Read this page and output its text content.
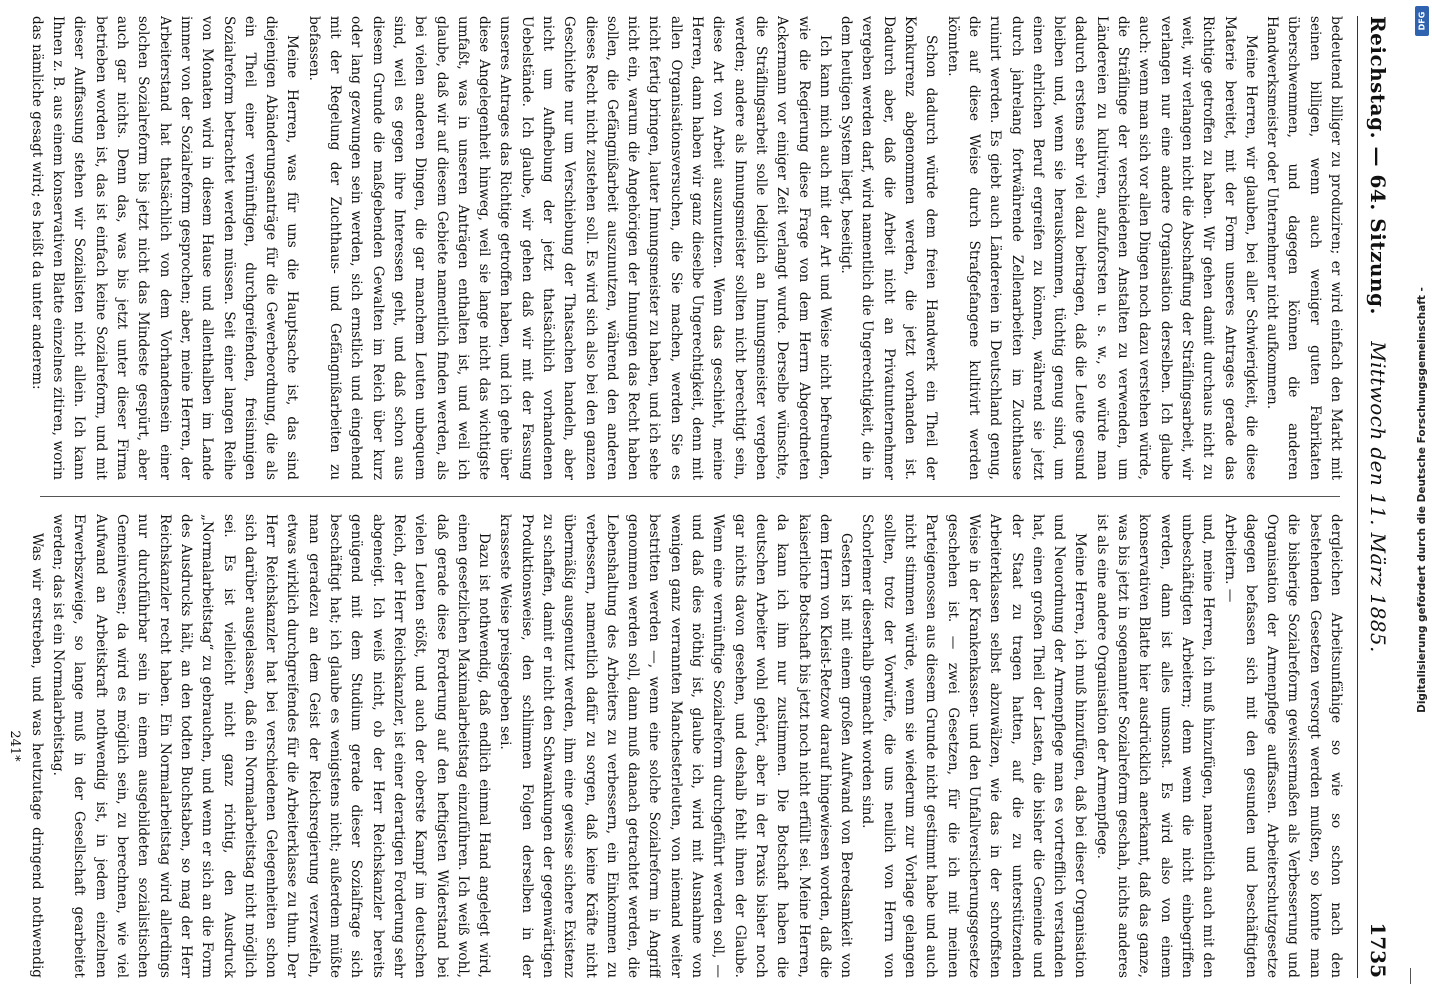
Reichstag. — 64. Sitzung.
Mittwoch den 11. März 1885.
1735

bedeutend billiger zu produziren; er wird einfach den Markt mit seinen billigen, wenn auch weniger guten Fabrikaten überschwemmen, und dagegen können die anderen Handwerksmeister oder Unternehmer nicht aufkommen.

Meine Herren, wir glauben, bei aller Schwierigkeit, die diese Materie bereitet, mit der Form unseres Antrages gerade das Richtige getroffen zu haben. Wir gehen damit durchaus nicht zu weit, wir verlangen nicht die Abschaffung der Sträflingsarbeit, wir verlangen nur eine andere Organisation derselben. Ich glaube auch: wenn man sich vor allen Dingen noch dazu verstehen würde, die Sträflinge der verschiedenen Anstalten zu verwenden, um Ländereien zu kultiviren, aufzuforsten u. s. w., so würde man dadurch erstens sehr viel dazu beitragen, daß die Leute gesund bleiben und, wenn sie herauskommen, tüchtig genug sind, um einen ehrlichen Beruf ergreifen zu können, während sie jetzt durch jahrelang fortwährende Zellenarbeiten im Zuchthause ruinirt werden. Es giebt auch Ländereien in Deutschland genug, die auf diese Weise durch Strafgefangene kultivirt werden könnten.

Schon dadurch würde dem freien Handwerk ein Theil der Konkurrenz abgenommen werden, die jetzt vorhanden ist. Dadurch aber, daß die Arbeit nicht an Privatunternehmer vergeben werden darf, wird namentlich die Ungerechtigkeit, die in dem heutigen System liegt, beseitigt.

Ich kann mich auch mit der Art und Weise nicht befreunden, wie die Regierung diese Frage von dem Herrn Abgeordneten Ackermann vor einiger Zeit verlangt wurde. Derselbe wünschte, die Sträflingsarbeit solle lediglich an Innungsmeister vergeben werden; andere als Innungsmeister sollten nicht berechtigt sein, diese Art von Arbeit auszunutzen. Wenn das geschieht, meine Herren, dann haben wir ganz dieselbe Ungerechtigkeit, denn mit allen Organisationsversuchen, die Sie machen, werden Sie es nicht fertig bringen, lauter Innungsmeister zu haben, und ich sehe nicht ein, warum die Angehörigen der Innungen das Recht haben sollen, die Gefängnißarbeit auszunutzen, während den anderen dieses Recht nicht zustehen soll. Es wird sich also bei den ganzen Geschichte nur um Verschiebung der Thatsachen handeln, aber nicht um Aufhebung der jetzt thatsächlich vorhandenen Uebelstände. Ich glaube, wir gehen daß wir mit der Fassung unseres Antrages das Richtige getroffen haben, und ich gehe über diese Angelegenheit hinweg, weil sie lange nicht das wichtigste umfaßt, was in unseren Anträgen enthalten ist, und weil ich glaube, daß wir auf diesem Gebiete namentlich finden werden, als bei vielen anderen Dingen, die gar manchem Leuten unbequem sind, weil es gegen ihre Interessen geht, und daß schon aus diesem Grunde die maßgebenden Gewalten im Reich über kurz oder lang gezwungen sein werden, sich ernstlich und eingehend mit der Regelung der Zuchthaus- und Gefängnißarbeiten zu befassen.

Meine Herren, was für uns die Hauptsache ist, das sind diejenigen Abänderungsanträge für die Gewerbeordnung, die als ein Theil einer vernünftigen, durchgreifenden, freisinnigen Sozialreform betrachtet werden müssen. Seit einer langen Reihe von Monaten wird in diesem Hause und allenthalben im Lande immer von der Sozialreform gesprochen; aber, meine Herren, der Arbeiterstand hat thatsächlich von dem Vorhandensein einer solchen Sozialreform bis jetzt nicht das Mindeste gespürt, aber auch gar nichts. Denn das, was bis jetzt unter dieser Firma betrieben worden ist, das ist einfach keine Sozialreform, und mit dieser Auffassung stehen wir Sozialisten nicht allein. Ich kann Ihnen z. B. aus einem konservativen Blatte einzelnes zitiren, worin das nämliche gesagt wird; es heißt da unter anderem:

dergleichen Arbeitsunfähige so wie so schon nach den bestehenden Gesetzen versorgt werden mußten, so konnte man die bisherige Sozialreform gewissermaßen als Verbesserung und Organisation der Armenpflege auffassen. Arbeiterschutzgesetze dagegen befassen sich mit den gesunden und beschäftigten Arbeitern. —

und, meine Herren, ich muß hinzufügen, namentlich auch mit den unbeschäftigten Arbeitern; denn wenn die nicht einbegriffen werden, dann ist alles umsonst. Es wird also von einem konservativen Blatte hier ausdrücklich anerkannt, daß das ganze, was bis jetzt in sogenannter Sozialreform geschah, nichts anderes ist als eine andere Organisation der Armenpflege.

Meine Herren, ich muß hinzufügen, daß bei dieser Organisation und Neuordnung der Armenpflege man es vortrefflich verstanden hat, einen großen Theil der Lasten, die bisher die Gemeinde und der Staat zu tragen hatten, auf die zu unterstützenden Arbeiterklassen selbst abzuwälzen, wie das in der schroffsten Weise in der Krankenkassen- und den Unfallversicherungsgesetze geschehen ist. — zwei Gesetzen, für die ich mit meinen Parteigenossen aus diesem Grunde nicht gestimmt habe und auch nicht stimmen würde, wenn sie wiederum zur Vorlage gelangen sollten, trotz der Vorwürfe, die uns neulich von Herrn von Schorlemer dieserhalb gemacht worden sind.

Gestern ist mit einem großen Aufwand von Beredsamkeit von dem Herrn von Kleist-Retzow darauf hingewiesen worden, daß die kaiserliche Botschaft bis jetzt noch nicht erfüllt sei. Meine Herren, da kann ich ihm nur zustimmen. Die Botschaft haben die deutschen Arbeiter wohl gehört, aber in der Praxis bisher noch gar nichts davon gesehen, und deshalb fehlt ihnen der Glaube. Wenn eine vernünftige Sozialreform durchgeführt werden soll, — und daß dies nöthig ist, glaube ich, wird mit Ausnahme von wenigen ganz verrannten Manchesterleuten, von niemand weiter bestritten werden —, wenn eine solche Sozialreform in Angriff genommen werden soll, dann muß danach getrachtet werden, die Lebenshaltung des Arbeiters zu verbessern, ein Einkommen zu verbessern, namentlich dafür zu sorgen, daß keine Kräfte nicht übermäßig ausgenutzt werden, ihm eine gewisse sichere Existenz zu schaffen, damit er nicht den Schwankungen der gegenwärtigen Produktionsweise, den schlimmen Folgen derselben in der krasseste Weise preisgegeben sei.

Dazu ist nothwendig, daß endlich einmal Hand angelegt wird, einen gesetzlichen Maximalarbeitstag einzuführen. Ich weiß wohl, daß gerade diese Forderung auf den heftigsten Widerstand bei vielen Leuten stößt, und auch der oberste Kampf im deutschen Reich, der Herr Reichskanzler, ist einer derartigen Forderung sehr abgeneigt. Ich weiß nicht, ob der Herr Reichskanzler bereits genügend mit dem Studium gerade dieser Sozialfrage sich beschäftigt hat; ich glaube es wenigstens nicht; außerdem müßte man geradezu an dem Geist der Reichsregierung verzweifeln, etwas wirklich durchgreifendes für die Arbeiterklasse zu thun. Der Herr Reichskanzler hat bei verschiedenen Gelegenheiten schon sich darüber ausgelassen, daß ein Normalarbeitstag nicht möglich sei. Es ist vielleicht nicht ganz richtig, den Ausdruck „Normalarbeitstag“ zu gebrauchen, und wenn er sich an die Form des Ausdrucks hält, an den todten Buchstaben, so mag der Herr Reichskanzler recht haben. Ein Normalarbeitstag wird allerdings nur durchführbar sein in einem ausgebildeten sozialistischen Gemeinwesen; da wird es möglich sein, zu berechnen, wie viel Aufwand an Arbeitskraft nothwendig ist, in jedem einzelnen Erwerbszweige, so lange muß in der Gesellschaft gearbeitet werden; das ist ein Normalarbeitstag.

Was wir erstreben, und was heutzutage dringend nothwendig

241*
DFG
Digitalisierung gefördert durch die Deutsche Forschungsgemeinschaft -
